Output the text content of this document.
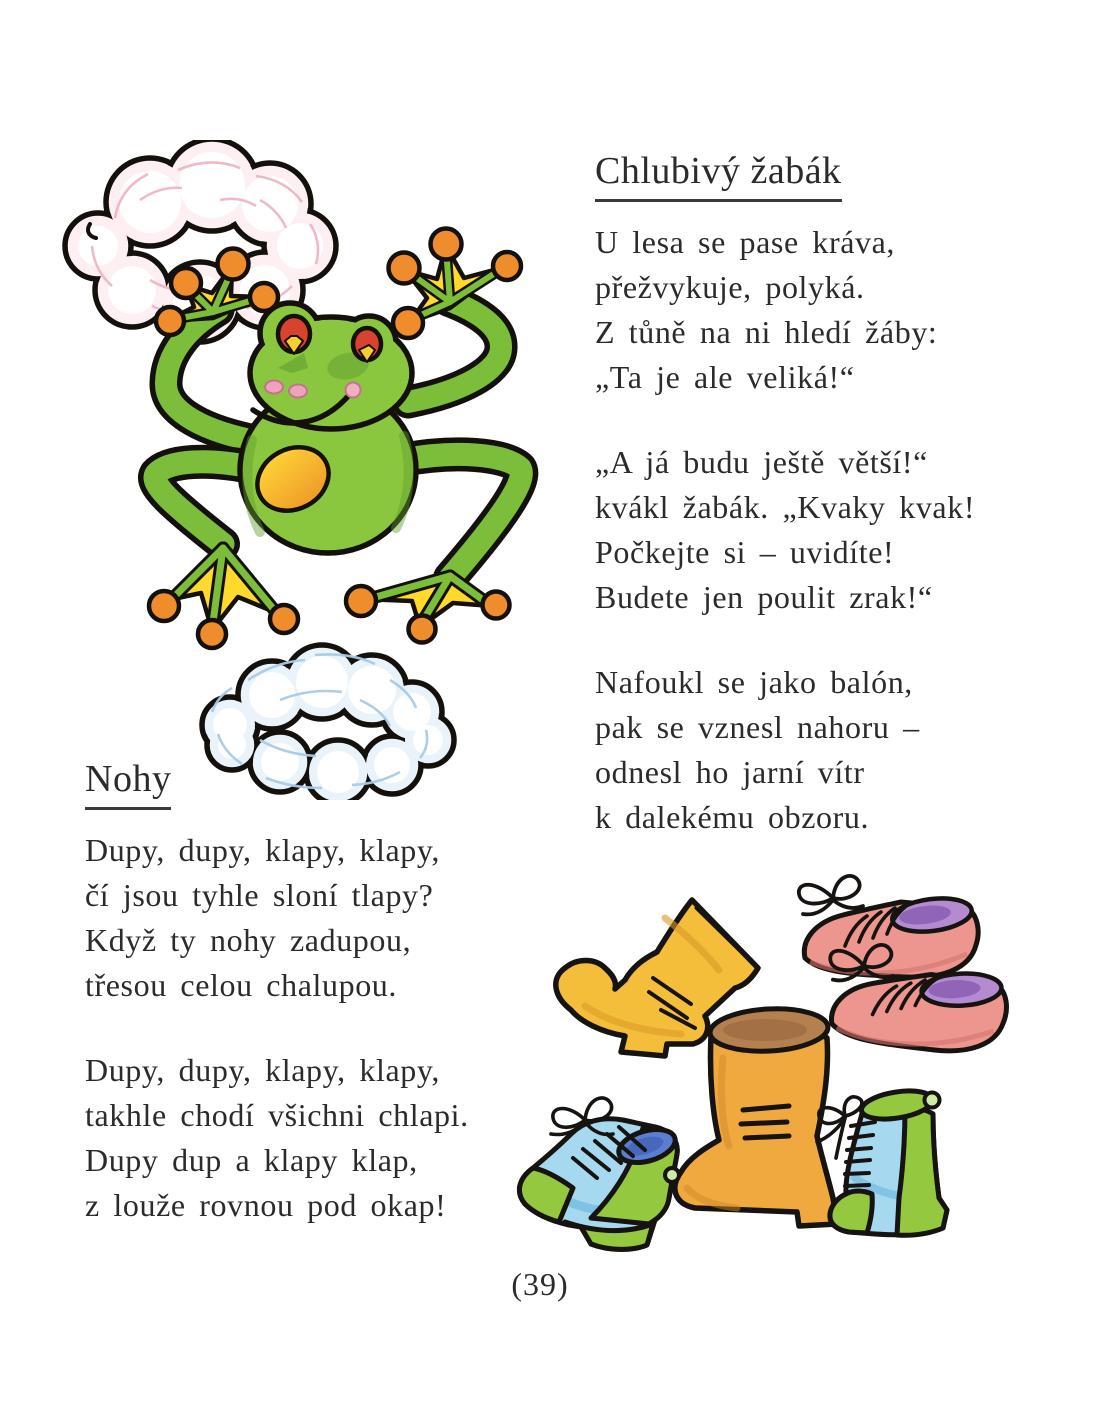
Chlubivý žabák
U lesa se pase kráva,
přežvykuje, polyká.
Z tůně na ni hledí žáby:
„Ta je ale veliká!“
„A já budu ještě větší!“
kvákl žabák. „Kvaky kvak!
Počkejte si – uvidíte!
Budete jen poulit zrak!“
Nafoukl se jako balón,
pak se vznesl nahoru –
odnesl ho jarní vítr
k dalekému obzoru.
Nohy
Dupy, dupy, klapy, klapy,
čí jsou tyhle sloní tlapy?
Když ty nohy zadupou,
třesou celou chalupou.
Dupy, dupy, klapy, klapy,
takhle chodí všichni chlapi.
Dupy dup a klapy klap,
z louže rovnou pod okap!
(39)
